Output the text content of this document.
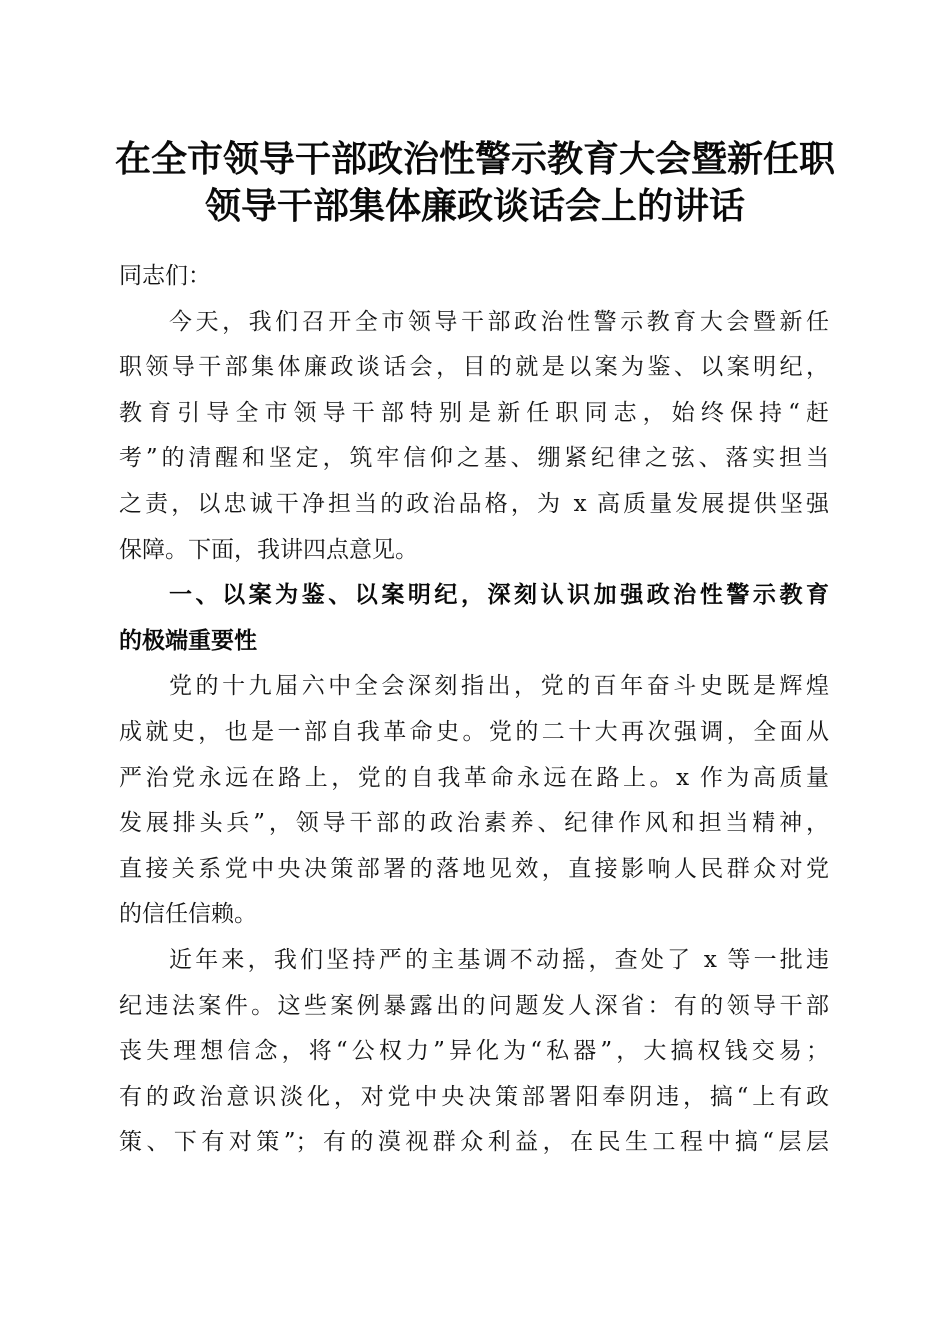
在全市领导干部政治性警示教育大会暨新任职
领导干部集体廉政谈话会上的讲话
同志们：
今天，我们召开全市领导干部政治性警示教育大会暨新任
职领导干部集体廉政谈话会，目的就是以案为鉴、以案明纪，
教育引导全市领导干部特别是新任职同志，始终保持“赶
考”的清醒和坚定，筑牢信仰之基、绷紧纪律之弦、落实担当
之责，以忠诚干净担当的政治品格，为 x 高质量发展提供坚强
保障。下面，我讲四点意见。
一、以案为鉴、以案明纪，深刻认识加强政治性警示教育
的极端重要性
党的十九届六中全会深刻指出，党的百年奋斗史既是辉煌
成就史，也是一部自我革命史。党的二十大再次强调，全面从
严治党永远在路上，党的自我革命永远在路上。x 作为高质量
发展排头兵”，领导干部的政治素养、纪律作风和担当精神，
直接关系党中央决策部署的落地见效，直接影响人民群众对党
的信任信赖。
近年来，我们坚持严的主基调不动摇，查处了 x 等一批违
纪违法案件。这些案例暴露出的问题发人深省：有的领导干部
丧失理想信念，将“公权力”异化为“私器”，大搞权钱交易；
有的政治意识淡化，对党中央决策部署阳奉阴违，搞“上有政
策、下有对策”；有的漠视群众利益，在民生工程中搞“层层
